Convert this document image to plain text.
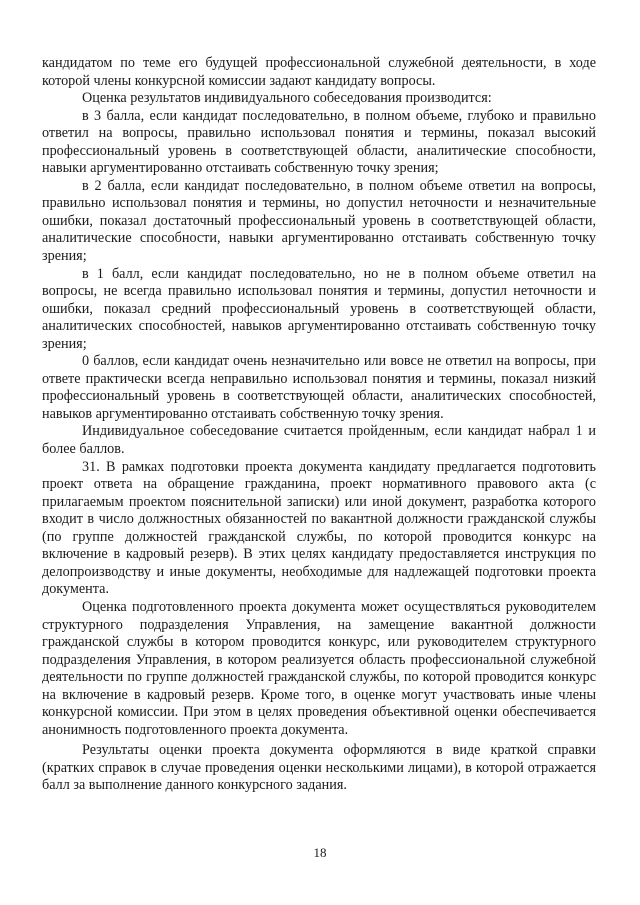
кандидатом по теме его будущей профессиональной служебной деятельности, в ходе которой члены конкурсной комиссии задают кандидату вопросы.

Оценка результатов индивидуального собеседования производится:

в 3 балла, если кандидат последовательно, в полном объеме, глубоко и правильно ответил на вопросы, правильно использовал понятия и термины, показал высокий профессиональный уровень в соответствующей области, аналитические способности, навыки аргументированно отстаивать собственную точку зрения;

в 2 балла, если кандидат последовательно, в полном объеме ответил на вопросы, правильно использовал понятия и термины, но допустил неточности и незначительные ошибки, показал достаточный профессиональный уровень в соответствующей области, аналитические способности, навыки аргументированно отстаивать собственную точку зрения;

в 1 балл, если кандидат последовательно, но не в полном объеме ответил на вопросы, не всегда правильно использовал понятия и термины, допустил неточности и ошибки, показал средний профессиональный уровень в соответствующей области, аналитических способностей, навыков аргументированно отстаивать собственную точку зрения;

0 баллов, если кандидат очень незначительно или вовсе не ответил на вопросы, при ответе практически всегда неправильно использовал понятия и термины, показал низкий профессиональный уровень в соответствующей области, аналитических способностей, навыков аргументированно отстаивать собственную точку зрения.

Индивидуальное собеседование считается пройденным, если кандидат набрал 1 и более баллов.

31. В рамках подготовки проекта документа кандидату предлагается подготовить проект ответа на обращение гражданина, проект нормативного правового акта (с прилагаемым проектом пояснительной записки) или иной документ, разработка которого входит в число должностных обязанностей по вакантной должности гражданской службы (по группе должностей гражданской службы, по которой проводится конкурс на включение в кадровый резерв). В этих целях кандидату предоставляется инструкция по делопроизводству и иные документы, необходимые для надлежащей подготовки проекта документа.

Оценка подготовленного проекта документа может осуществляться руководителем структурного подразделения Управления, на замещение вакантной должности гражданской службы в котором проводится конкурс, или руководителем структурного подразделения Управления, в котором реализуется область профессиональной служебной деятельности по группе должностей гражданской службы, по которой проводится конкурс на включение в кадровый резерв. Кроме того, в оценке могут участвовать иные члены конкурсной комиссии. При этом в целях проведения объективной оценки обеспечивается анонимность подготовленного проекта документа.

Результаты оценки проекта документа оформляются в виде краткой справки (кратких справок в случае проведения оценки несколькими лицами), в которой отражается балл за выполнение данного конкурсного задания.

18
